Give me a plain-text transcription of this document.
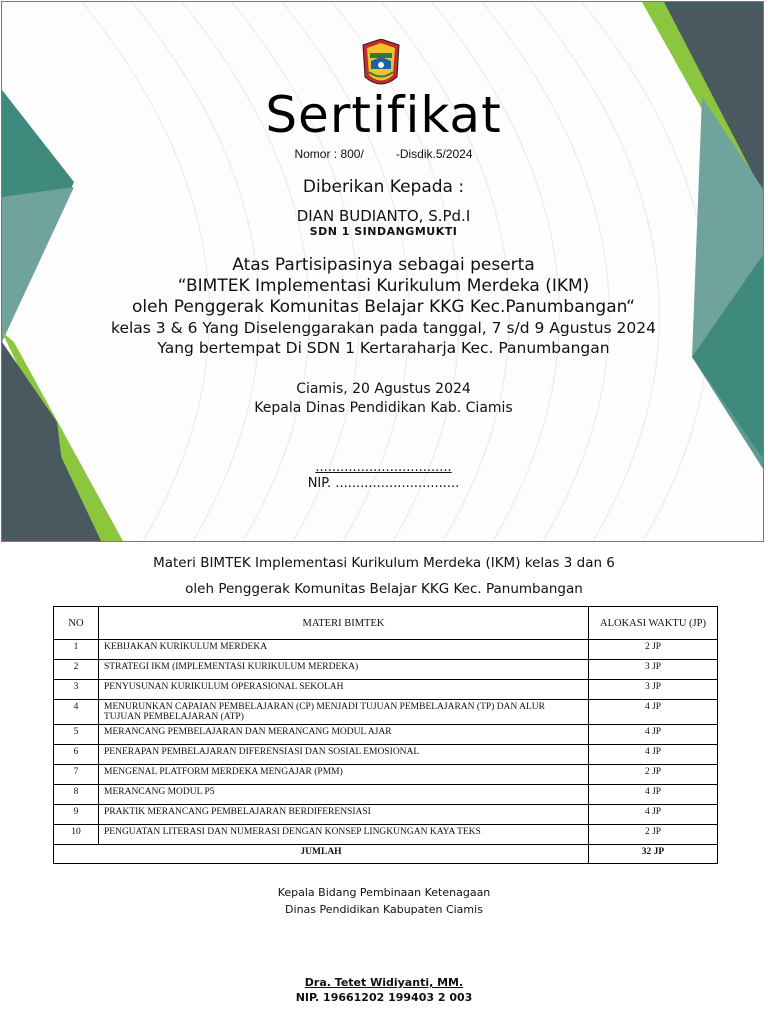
Sertifikat
Nomor : 800/	-Disdik.5/2024
Diberikan Kepada :
DIAN BUDIANTO, S.Pd.I
SDN 1 SINDANGMUKTI
Atas Partisipasinya sebagai peserta
“BIMTEK Implementasi Kurikulum Merdeka (IKM)
oleh Penggerak Komunitas Belajar KKG Kec.Panumbangan“
kelas 3 & 6 Yang Diselenggarakan pada tanggal, 7 s/d 9 Agustus 2024
Yang bertempat Di SDN 1 Kertaraharja Kec. Panumbangan
Ciamis, 20 Agustus 2024
Kepala Dinas Pendidikan Kab. Ciamis
.................................
NIP. ..............................
Materi BIMTEK Implementasi Kurikulum Merdeka (IKM) kelas 3 dan 6
oleh Penggerak Komunitas Belajar KKG Kec. Panumbangan
NO	MATERI BIMTEK	ALOKASI WAKTU (JP)
1	KEBIJAKAN KURIKULUM MERDEKA	2 JP
2	STRATEGI IKM (IMPLEMENTASI KURIKULUM MERDEKA)	3 JP
3	PENYUSUNAN KURIKULUM OPERASIONAL SEKOLAH	3 JP
4	MENURUNKAN CAPAIAN PEMBELAJARAN (CP) MENJADI TUJUAN PEMBELAJARAN (TP) DAN ALUR TUJUAN PEMBELAJARAN (ATP)	4 JP
5	MERANCANG PEMBELAJARAN DAN MERANCANG MODUL AJAR	4 JP
6	PENERAPAN PEMBELAJARAN DIFERENSIASI DAN SOSIAL EMOSIONAL	4 JP
7	MENGENAL PLATFORM MERDEKA MENGAJAR (PMM)	2 JP
8	MERANCANG MODUL P5	4 JP
9	PRAKTIK MERANCANG PEMBELAJARAN BERDIFERENSIASI	4 JP
10	PENGUATAN LITERASI DAN NUMERASI DENGAN KONSEP LINGKUNGAN KAYA TEKS	2 JP
JUMLAH		32 JP
Kepala Bidang Pembinaan Ketenagaan
Dinas Pendidikan Kabupaten Ciamis
Dra. Tetet Widiyanti, MM.
NIP. 19661202 199403 2 003
